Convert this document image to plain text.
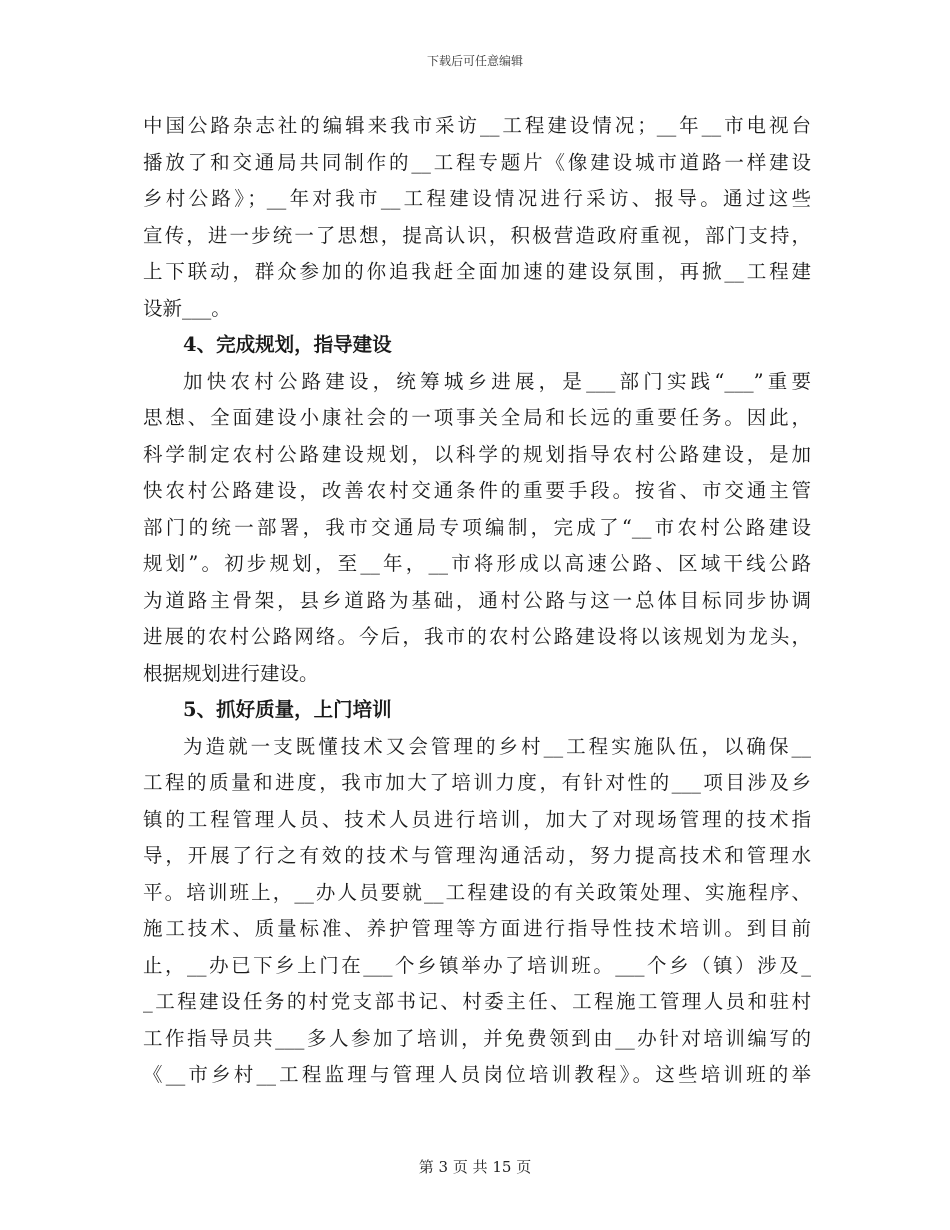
下载后可任意编辑
中国公路杂志社的编辑来我市采访__工程建设情况；__年__市电视台
播放了和交通局共同制作的__工程专题片《像建设城市道路一样建设
乡村公路》；__年对我市__工程建设情况进行采访、报导。通过这些
宣传，进一步统一了思想，提高认识，积极营造政府重视，部门支持，
上下联动，群众参加的你追我赶全面加速的建设氛围，再掀__工程建
设新___。
4、完成规划，指导建设
加快农村公路建设，统筹城乡进展，是___部门实践“___”重要
思想、全面建设小康社会的一项事关全局和长远的重要任务。因此，
科学制定农村公路建设规划，以科学的规划指导农村公路建设，是加
快农村公路建设，改善农村交通条件的重要手段。按省、市交通主管
部门的统一部署，我市交通局专项编制，完成了“__市农村公路建设
规划”。初步规划，至__年，__市将形成以高速公路、区域干线公路
为道路主骨架，县乡道路为基础，通村公路与这一总体目标同步协调
进展的农村公路网络。今后，我市的农村公路建设将以该规划为龙头，
根据规划进行建设。
5、抓好质量，上门培训
为造就一支既懂技术又会管理的乡村__工程实施队伍，以确保__
工程的质量和进度，我市加大了培训力度，有针对性的___项目涉及乡
镇的工程管理人员、技术人员进行培训，加大了对现场管理的技术指
导，开展了行之有效的技术与管理沟通活动，努力提高技术和管理水
平。培训班上，__办人员要就__工程建设的有关政策处理、实施程序、
施工技术、质量标准、养护管理等方面进行指导性技术培训。到目前
止，__办已下乡上门在___个乡镇举办了培训班。___个乡（镇）涉及_
_工程建设任务的村党支部书记、村委主任、工程施工管理人员和驻村
工作指导员共___多人参加了培训，并免费领到由__办针对培训编写的
《__市乡村__工程监理与管理人员岗位培训教程》。这些培训班的举
第 3 页 共 15 页
